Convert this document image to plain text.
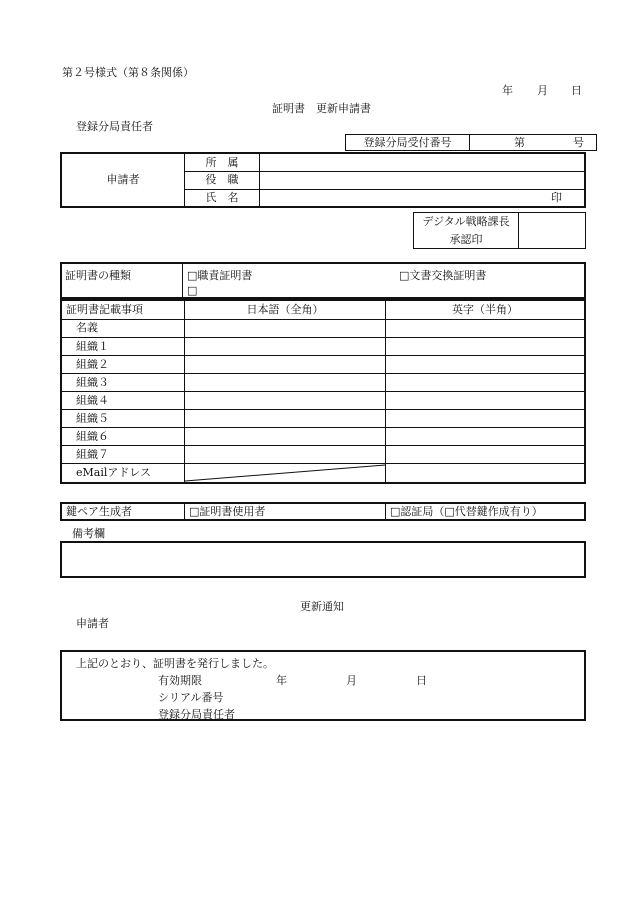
第２号様式（第８条関係）
年 月 日
証明書　更新申請書
登録分局責任者
登録分局受付番号	第	号
申請者	所　属	
	役　職	
	氏　名	印
デジタル戦略課長
承認印

証明書の種類	□職責証明書	□文書交換証明書
□
証明書記載事項	日本語（全角）	英字（半角）
名義		
組織１		
組織２		
組織３		
組織４		
組織５		
組織６		
組織７		
eMailアドレス	

鍵ペア生成者	□証明書使用者	□認証局（□代替鍵作成有り）
備考欄
更新通知
申請者
上記のとおり、証明書を発行しました。
有効期限	年	月	日
シリアル番号
登録分局責任者
